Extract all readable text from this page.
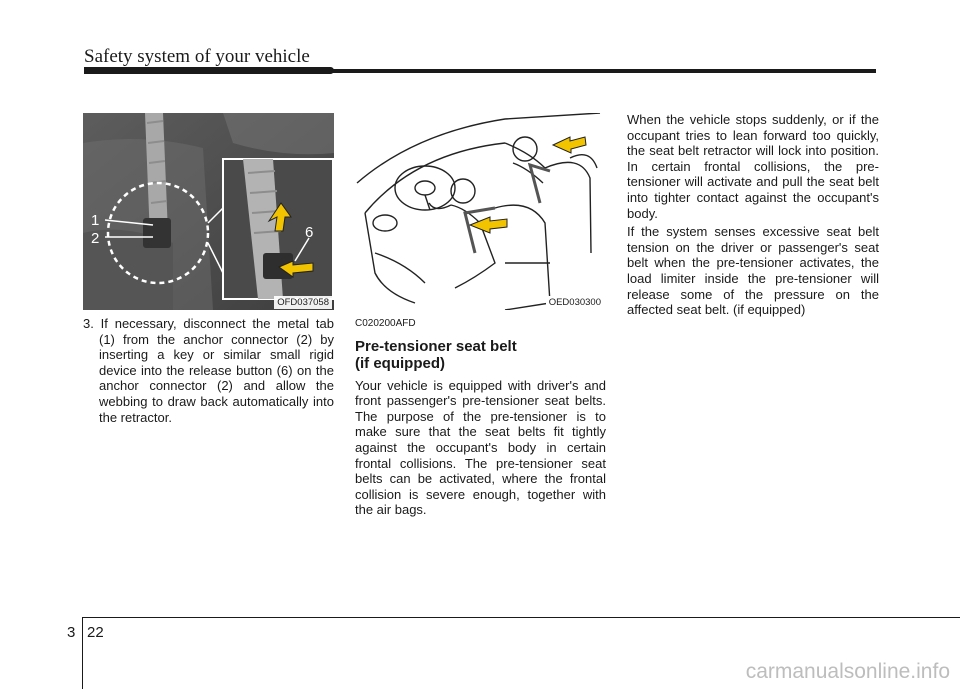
Safety system of your vehicle
1
2	6
OFD037058	OED030300

3. If necessary, disconnect the metal tab (1) from the anchor connector (2) by inserting a key or similar small rigid device into the release button (6) on the anchor connector (2) and allow the webbing to draw back automatically into the retractor.

C020200AFD
Pre-tensioner seat belt
(if equipped)

Your vehicle is equipped with driver's and front passenger's pre-tensioner seat belts. The purpose of the pre-tensioner is to make sure that the seat belts fit tightly against the occupant's body in certain frontal collisions. The pre-tensioner seat belts can be activated, where the frontal collision is severe enough, together with the air bags.

When the vehicle stops suddenly, or if the occupant tries to lean forward too quickly, the seat belt retractor will lock into position. In certain frontal collisions, the pre-tensioner will activate and pull the seat belt into tighter contact against the occupant's body.

If the system senses excessive seat belt tension on the driver or passenger's seat belt when the pre-tensioner activates, the load limiter inside the pre-tensioner will release some of the pressure on the affected seat belt. (if equipped)

3 22
carmanualsonline.info
